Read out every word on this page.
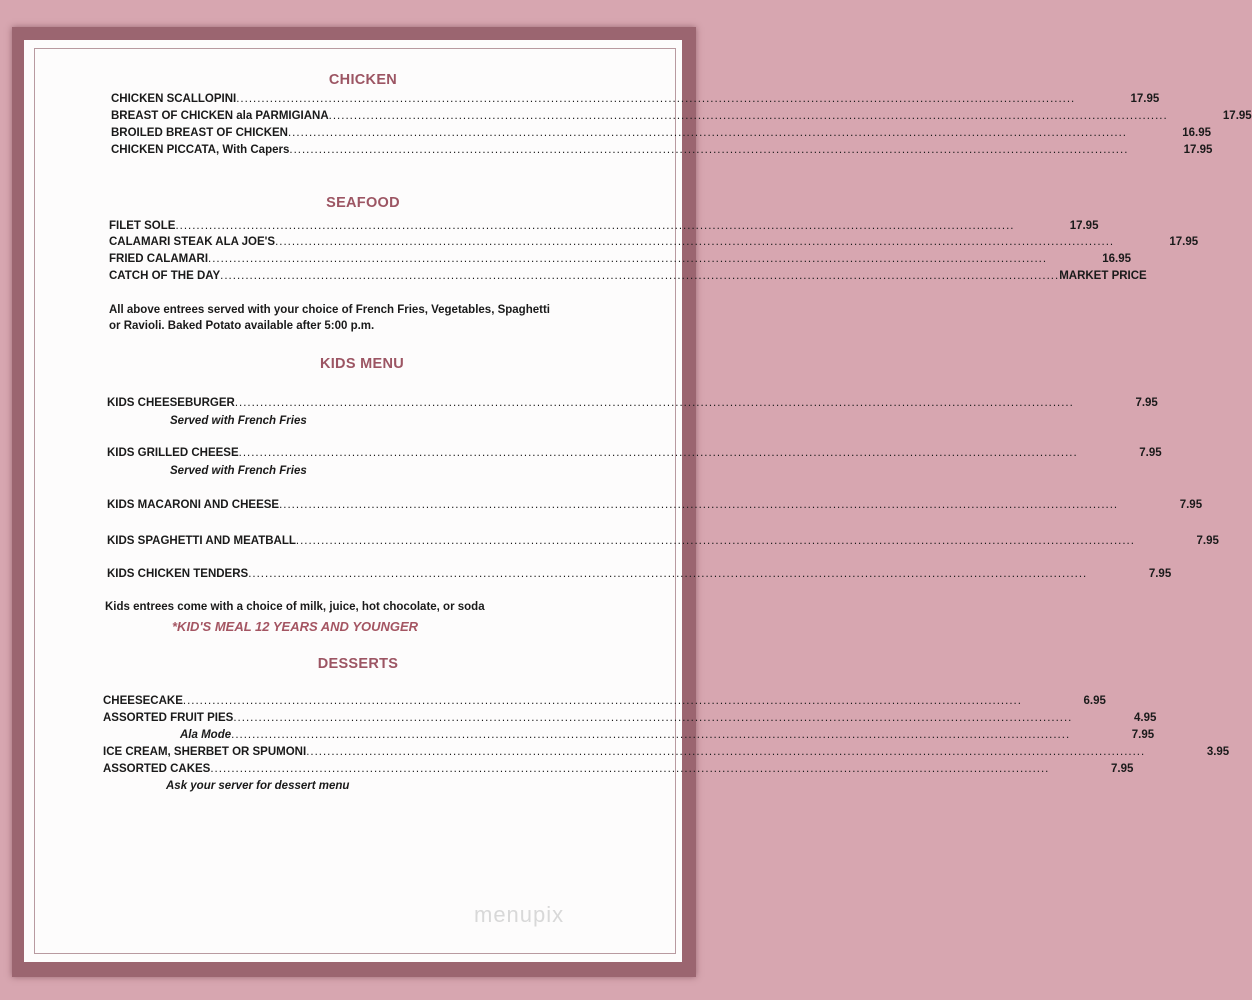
CHICKEN
SEAFOOD
KIDS MENU
DESSERTS
All above entrees served with your choice of French Fries, Vegetables, Spaghetti
or Ravioli. Baked Potato available after 5:00 p.m.
Kids entrees come with a choice of milk, juice, hot chocolate, or soda
*KID'S MEAL 12 YEARS AND YOUNGER
Ask your server for dessert menu
CHICKEN SCALLOPINI ........................................................................................................................................................................................................	17.95
BREAST OF CHICKEN ala PARMIGIANA ........................................................................................................................................................................................................	17.95
BROILED BREAST OF CHICKEN ........................................................................................................................................................................................................	16.95
CHICKEN PICCATA, With Capers ........................................................................................................................................................................................................	17.95
FILET SOLE ........................................................................................................................................................................................................	17.95
CALAMARI STEAK ALA JOE'S ........................................................................................................................................................................................................	17.95
FRIED CALAMARI ........................................................................................................................................................................................................	16.95
CATCH OF THE DAY ........................................................................................................................................................................................................ MARKET PRICE
KIDS CHEESEBURGER ........................................................................................................................................................................................................	7.95
Served with French Fries
KIDS GRILLED CHEESE ........................................................................................................................................................................................................	7.95
Served with French Fries
KIDS MACARONI AND CHEESE ........................................................................................................................................................................................................	7.95
KIDS SPAGHETTI AND MEATBALL ........................................................................................................................................................................................................	7.95
KIDS CHICKEN TENDERS ........................................................................................................................................................................................................	7.95
CHEESECAKE ........................................................................................................................................................................................................	6.95
ASSORTED FRUIT PIES ........................................................................................................................................................................................................	4.95
Ala Mode ........................................................................................................................................................................................................	7.95
ICE CREAM, SHERBET OR SPUMONI ........................................................................................................................................................................................................	3.95
ASSORTED CAKES ........................................................................................................................................................................................................	7.95
menupix
